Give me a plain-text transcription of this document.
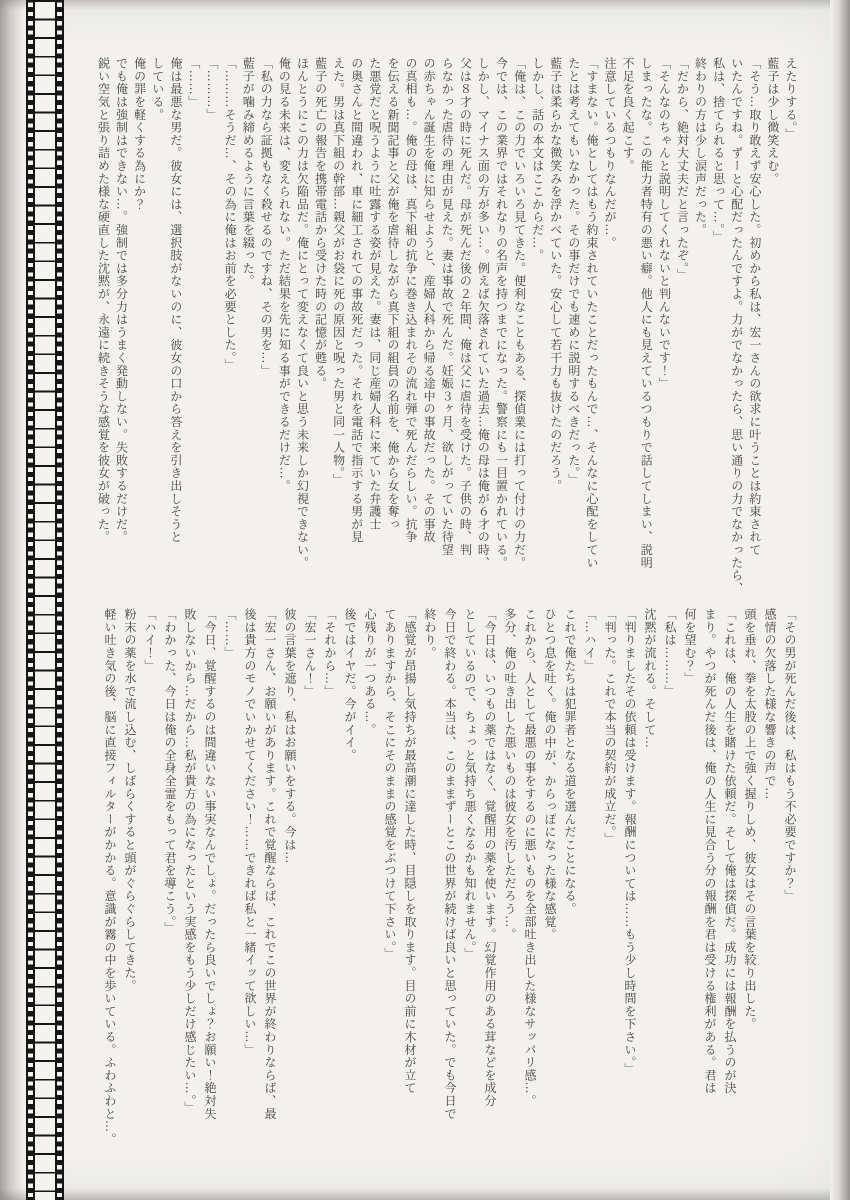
えたりする。」

藍子は少し微笑えむ。

「そう…取り敢えず安心した。初めから私は、宏一さんの欲求に叶うことは約束されて

いたんですね。ずーと心配だったんですよ。力がでなかったら、思い通りの力でなかったら、

私は、捨てられると思って…。」

終わりの方は少し涙声だった。

「だから、絶対大丈夫だと言ったぞ。」

「そんなのちゃんと説明してくれないと判んないです！」

しまったな。この能力者特有の悪い癖。他人にも見えているつもりで話してしまい、説明

不足を良く起こす。

注意しているつもりなんだが…。

「すまない。俺としてはもう約束されていたことだったもんで…、そんなに心配をしてい

たとは考えてもいなかった。その事だけでも速めに説明するべきだった。」

藍子は柔らかな微笑みを浮かべていた。安心して若干力も抜けたのだろう。

しかし、話の本文はここからだ…。

「俺は、この力でいろいろ見てきた。便利なこともある、探偵業には打って付けの力だ。

今では、この業界ではそれなりの名声を持つまでになった。警察にも一目置かれている。

しかし、マイナス面の方が多い…。例えば欠落されていた過去…俺の母は俺が６才の時、

父は８才の時に死んだ。母が死んだ後の２年間、俺は父に虐待を受けた。子供の時、判

らなかった虐待の理由が見えた。妻は事故で死んだ。妊娠３ヶ月、欲しがっていた待望

の赤ちゃん誕生を俺に知らせようと、産婦人科から帰る途中の事故だった。その事故

の真相も…。俺の母は、真下組の抗争に巻き込まれその流れ弾で死んだらしい。抗争

を伝える新聞記事と父が俺を虐待しながら真下組の組員の名前を、俺から女を奪っ

た悪党だと呪うように吐露する姿が見えた。妻は、同じ産婦人科に来ていた弁護士

の奥さんと間違われ、車に細工されての事故死だった。それを電話で指示する男が見

えた。男は真下組の幹部…親父がお袋に死の原因と呪った男と同一人物。」

藍子の死亡の報告を携帯電話から受けた時の記憶が甦る。

ほんとうにこの力は欠陥品だ。俺にとって変えなくて良いと思う未来しか幻視できない。

俺の見る未来は、変えられない。ただ結果を先に知る事ができるだけだ…。

「私の力なら証拠もなく殺せるのですね、その男を…」

藍子が噛み締めるように言葉を綴った。

「………そうだ…、その為に俺はお前を必要とした。」

「………」

「……」

俺は最悪な男だ。彼女には、選択肢がないのに、彼女の口から答えを引き出しそうと

している。

俺の罪を軽くする為にか？

でも俺は強制はできない…。強制では多分力はうまく発動しない。失敗するだけだ。

鋭い空気と張り詰めた様な硬直した沈黙が、永遠に続きそうな感覚を彼女が破った。

「その男が死んだ後は、私はもう不必要ですか？」

感情の欠落した様な響きの声で…

頭を垂れ、拳を太股の上で強く握りしめ、彼女はその言葉を絞り出した。

「これは、俺の人生を賭けた依頼だ。そして俺は探偵だ。成功には報酬を払うのが決

まり。やつが死んだ後は、俺の人生に見合う分の報酬を君は受ける権利がある。君は

何を望む？」

「私は………」

沈黙が流れる。そして…

「判りましたその依頼は受けます。報酬については……もう少し時間を下さい。」

「判った。これで本当の契約が成立だ。」

「…ハイ」

これで俺たちは犯罪者となる道を選んだことになる。

ひとつ息を吐く。俺の中が、からっぽになった様な感覚。

これから、人として最悪の事をするのに悪いものを全部吐き出した様なサッパリ感…。

多分、俺の吐き出した悪いものは彼女を汚しただろう…。

「今日は、いつもの薬ではなく、覚醒用の薬を使います。幻覚作用のある茸などを成分

としているので、ちょっと気持ち悪くなるかも知れません。」

今日で終わる。本当は、このままずーとこの世界が続けば良いと思っていた。でも今日で

終わり。

「感覚が昂揚し気持ちが最高潮に達した時、目隠しを取ります。目の前に木材が立て

てありますから、そこにそのままの感覚をぶつけて下さい。」

心残りが一つある…。

後ではイヤだ。今がイイ。

「それから…」

「宏一さん！」

彼の言葉を遮り、私はお願いをする。今は…

「宏一さん、お願いがあります。これで覚醒ならば、これでこの世界が終わりならば、最

後は貴方のモノでいかせてください！……できれば私と一緒イッて欲しい…」

「……」

「今日、覚醒するのは間違いない事実なんでしょ。だったら良いでしょ？お願い！絶対失

敗しないから…だから…私が貴方の為になったという実感をもう少しだけ感じたい…。」

「わかった、今日は俺の全身全霊をもって君を導こう。」

「ハイ！」

粉末の薬を水で流し込む、しばらくすると頭がぐらぐらしてきた。

軽い吐き気の後、脳に直接フィルターがかかる。意識が霧の中を歩いている。ふわふわと…。
